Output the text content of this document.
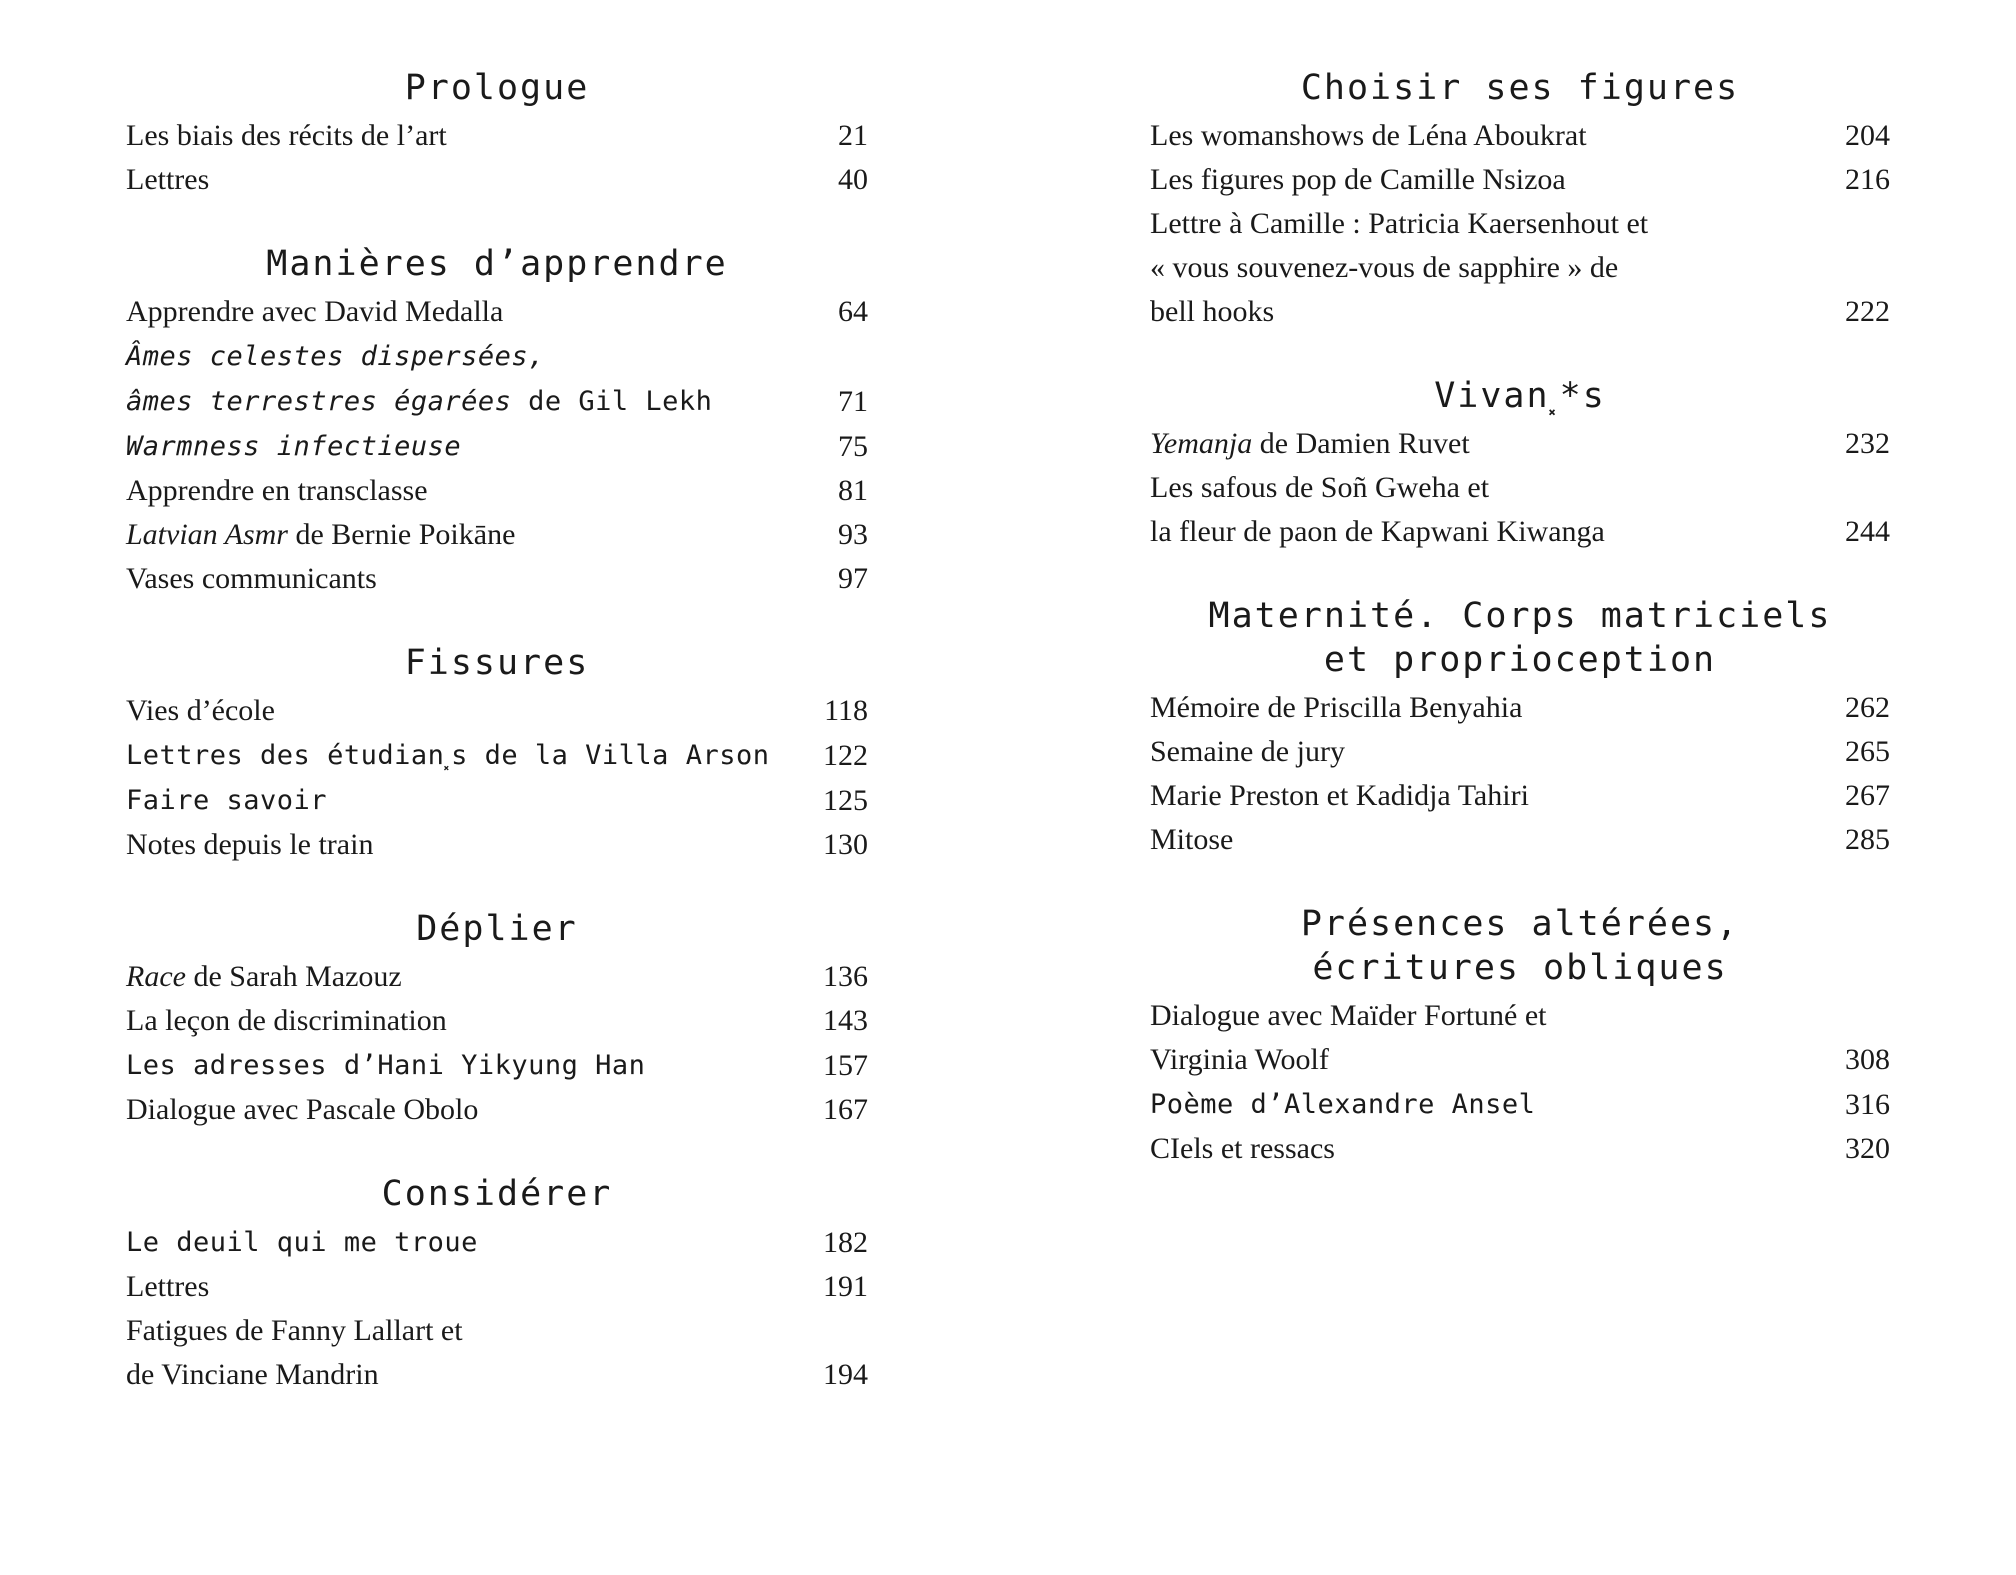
Prologue
Les biais des récits de l’art	21
Lettres	40
Manières d’apprendre
Apprendre avec David Medalla	64
Âmes celestes dispersées,
âmes terrestres égarées de Gil Lekh	71
Warmness infectieuse	75
Apprendre en transclasse	81
Latvian Asmr de Bernie Poikāne	93
Vases communicants	97
Fissures
Vies d’école	118
Lettres des étudian⸼s de la Villa Arson	122
Faire savoir	125
Notes depuis le train	130
Déplier
Race de Sarah Mazouz	136
La leçon de discrimination	143
Les adresses d’Hani Yikyung Han	157
Dialogue avec Pascale Obolo	167
Considérer
Le deuil qui me troue	182
Lettres	191
Fatigues de Fanny Lallart et
de Vinciane Mandrin	194
Choisir ses figures
Les womanshows de Léna Aboukrat	204
Les figures pop de Camille Nsizoa	216
Lettre à Camille : Patricia Kaersenhout et
« vous souvenez-vous de sapphire » de
bell hooks	222
Vivan⸼*s
Yemanja de Damien Ruvet	232
Les safous de Soñ Gweha et
la fleur de paon de Kapwani Kiwanga	244
Maternité. Corps matriciels
et proprioception
Mémoire de Priscilla Benyahia	262
Semaine de jury	265
Marie Preston et Kadidja Tahiri	267
Mitose	285
Présences altérées,
écritures obliques
Dialogue avec Maïder Fortuné et
Virginia Woolf	308
Poème d’Alexandre Ansel	316
CIels et ressacs	320
